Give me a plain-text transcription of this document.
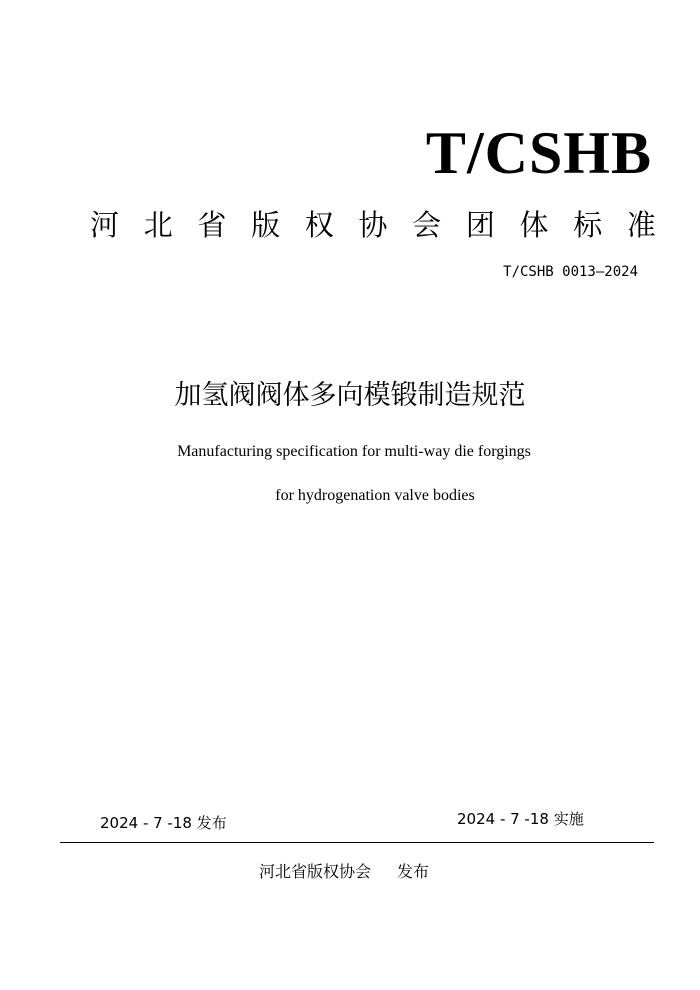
T/CSHB
河 北 省 版 权 协 会 团 体 标 准
T/CSHB 0013—2024
加氢阀阀体多向模锻制造规范
Manufacturing specification for multi-way die forgings
for hydrogenation valve bodies
2024 - 7 -18 发布	2024 - 7 -18 实施
河北省版权协会 发布
